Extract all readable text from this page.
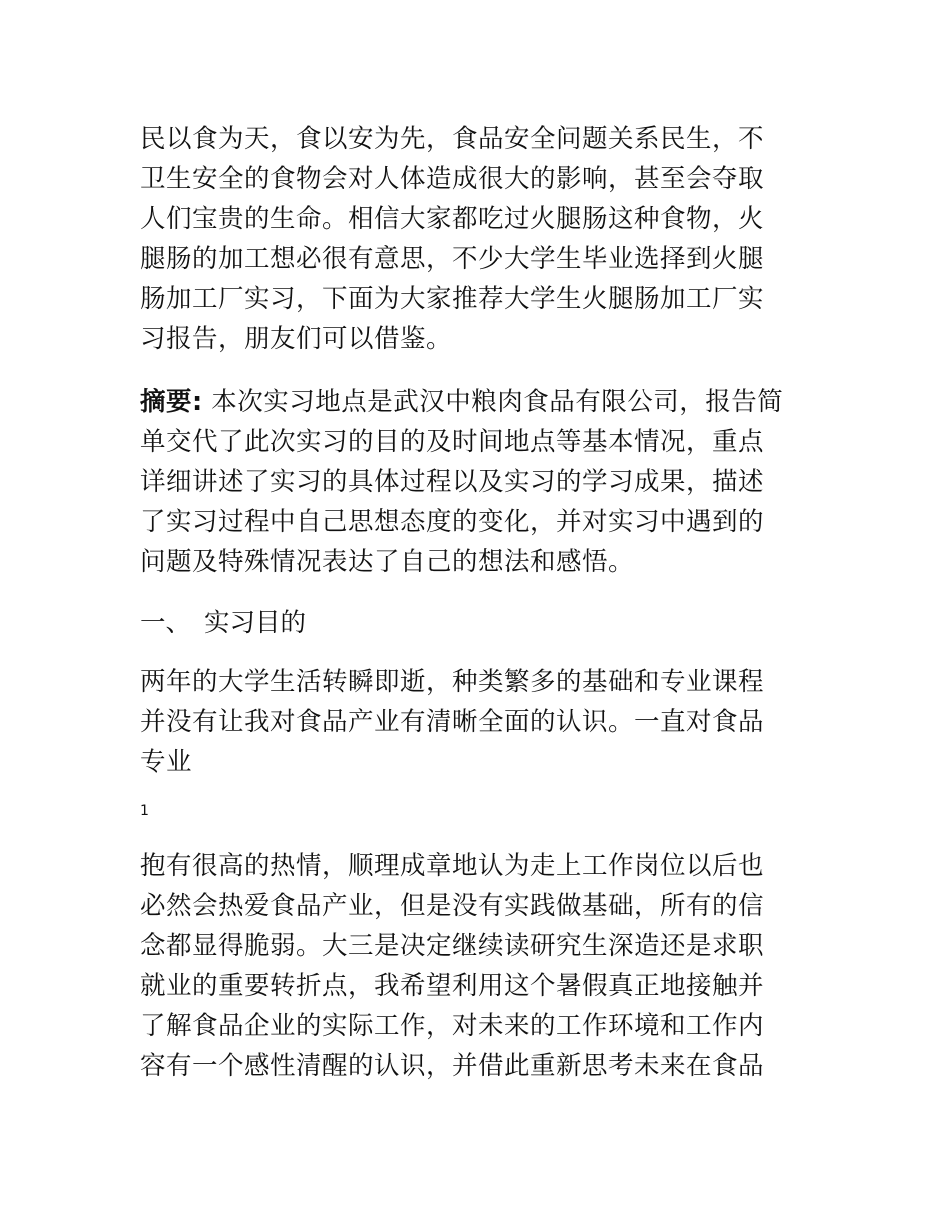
民以食为天，食以安为先，食品安全问题关系民生，不
卫生安全的食物会对人体造成很大的影响，甚至会夺取
人们宝贵的生命。相信大家都吃过火腿肠这种食物，火
腿肠的加工想必很有意思，不少大学生毕业选择到火腿
肠加工厂实习，下面为大家推荐大学生火腿肠加工厂实
习报告，朋友们可以借鉴。
摘要: 本次实习地点是武汉中粮肉食品有限公司，报告简
单交代了此次实习的目的及时间地点等基本情况，重点
详细讲述了实习的具体过程以及实习的学习成果，描述
了实习过程中自己思想态度的变化，并对实习中遇到的
问题及特殊情况表达了自己的想法和感悟。
一、 实习目的
两年的大学生活转瞬即逝，种类繁多的基础和专业课程
并没有让我对食品产业有清晰全面的认识。一直对食品
专业
1
抱有很高的热情，顺理成章地认为走上工作岗位以后也
必然会热爱食品产业，但是没有实践做基础，所有的信
念都显得脆弱。大三是决定继续读研究生深造还是求职
就业的重要转折点，我希望利用这个暑假真正地接触并
了解食品企业的实际工作，对未来的工作环境和工作内
容有一个感性清醒的认识，并借此重新思考未来在食品
